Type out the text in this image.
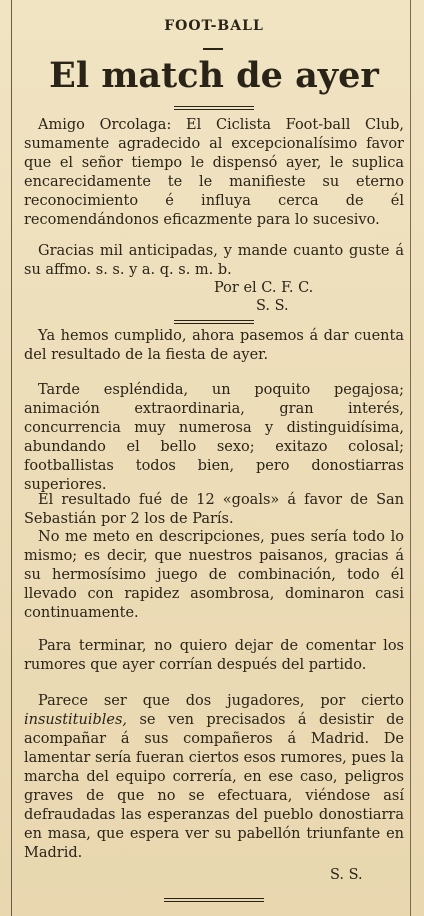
FOOT-BALL
El match de ayer
Amigo Orcolaga: El Ciclista Foot-ball Club, sumamente agradecido al excepcionalísimo favor que el señor tiempo le dispensó ayer, le suplica encarecidamente te le manifieste su eterno reconocimiento é influya cerca de él recomendándonos eficazmente para lo sucesivo.
Gracias mil anticipadas, y mande cuanto guste á su affmo. s. s. y a. q. s. m. b.
Por el C. F. C.
S. S.
Ya hemos cumplido, ahora pasemos á dar cuenta del resultado de la fiesta de ayer.
Tarde espléndida, un poquito pegajosa; animación extraordinaria, gran interés, concurrencia muy numerosa y distinguidísima, abundando el bello sexo; exitazo colosal; footballistas todos bien, pero donostiarras superiores.
El resultado fué de 12 «goals» á favor de San Sebastián por 2 los de París.
No me meto en descripciones, pues sería todo lo mismo; es decir, que nuestros paisanos, gracias á su hermosísimo juego de combinación, todo él llevado con rapidez asombrosa, dominaron casi continuamente.
Para terminar, no quiero dejar de comentar los rumores que ayer corrían después del partido.
Parece ser que dos jugadores, por cierto insustituibles, se ven precisados á desistir de acompañar á sus compañeros á Madrid. De lamentar sería fueran ciertos esos rumores, pues la marcha del equipo correría, en ese caso, peligros graves de que no se efectuara, viéndose así defraudadas las esperanzas del pueblo donostiarra en masa, que espera ver su pabellón triunfante en Madrid.
S. S.
